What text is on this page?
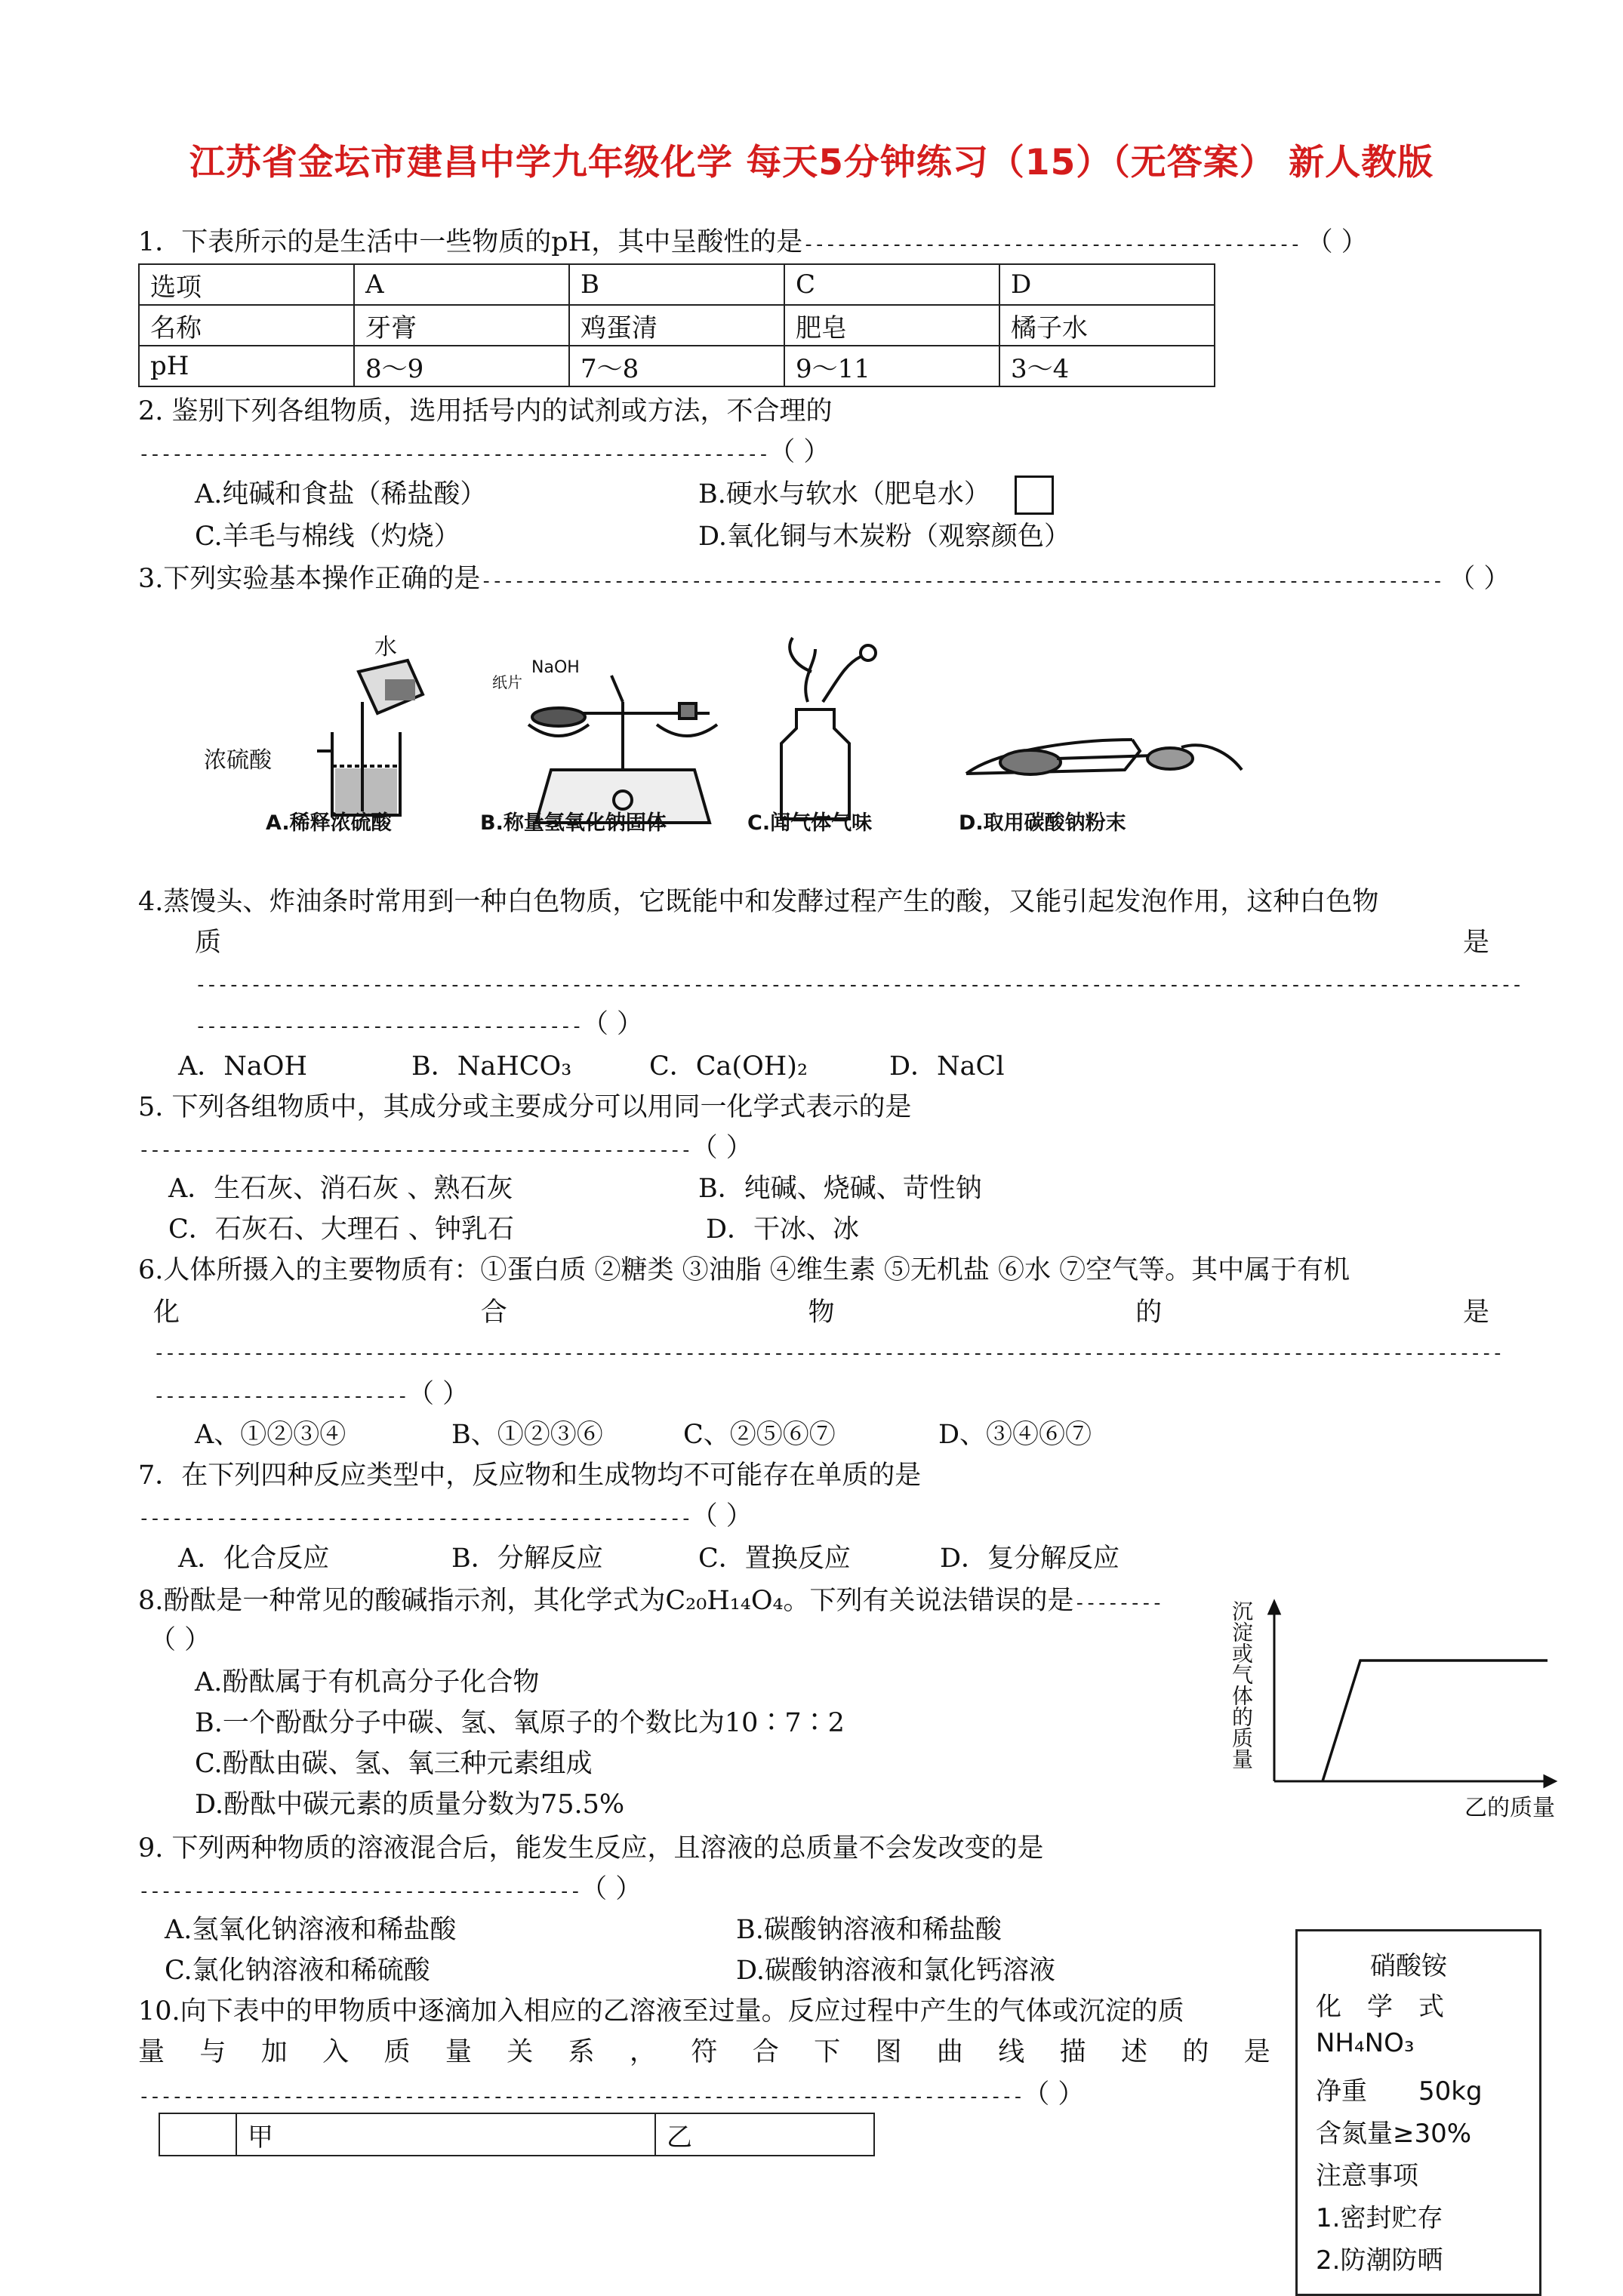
江苏省金坛市建昌中学九年级化学 每天5分钟练习（15）（无答案） 新人教版
1．下表所示的是生活中一些物质的pH，其中呈酸性的是--------------------------------------------- （ ）
选项	A	B	C	D
名称	牙膏	鸡蛋清	肥皂	橘子水
pH	8～9	7～8	9～11	3～4
2. 鉴别下列各组物质，选用括号内的试剂或方法，不合理的
---------------------------------------------------------（ ）
A.纯碱和食盐（稀盐酸）	B.硬水与软水（肥皂水）
C.羊毛与棉线（灼烧）	D.氧化铜与木炭粉（观察颜色）
3.下列实验基本操作正确的是--------------------------------------------------------------------------------------- （ ）
水
浓硫酸
NaOH
纸片
A.稀释浓硫酸	B.称量氢氧化钠固体	C.闻气体气味	D.取用碳酸钠粉末
4.蒸馒头、炸油条时常用到一种白色物质，它既能中和发酵过程产生的酸，又能引起发泡作用，这种白色物
质	是
------------------------------------------------------------------------------------------------------------------------
-----------------------------------（ ）
A．NaOH	B．NaHCO₃	C．Ca(OH)₂	D．NaCl
5. 下列各组物质中，其成分或主要成分可以用同一化学式表示的是
--------------------------------------------------（ ）
A．生石灰、消石灰 、熟石灰	B．纯碱、烧碱、苛性钠
C．石灰石、大理石 、钟乳石	D．干冰、冰
6.人体所摄入的主要物质有：①蛋白质 ②糖类 ③油脂 ④维生素 ⑤无机盐 ⑥水 ⑦空气等。其中属于有机
化	合	物	的	是
--------------------------------------------------------------------------------------------------------------------------
-----------------------（ ）
A、①②③④	B、①②③⑥	C、②⑤⑥⑦	D、③④⑥⑦
7．在下列四种反应类型中，反应物和生成物均不可能存在单质的是
--------------------------------------------------（ ）
A．化合反应	B．分解反应	C．置换反应	D．复分解反应
8.酚酞是一种常见的酸碱指示剂，其化学式为C₂₀H₁₄O₄。下列有关说法错误的是--------
（ ）
A.酚酞属于有机高分子化合物
B.一个酚酞分子中碳、氢、氧原子的个数比为10∶7∶2
C.酚酞由碳、氢、氧三种元素组成
D.酚酞中碳元素的质量分数为75.5%
沉淀或气体的质量
乙的质量
9. 下列两种物质的溶液混合后，能发生反应，且溶液的总质量不会发改变的是
----------------------------------------（ ）
A.氢氧化钠溶液和稀盐酸	B.碳酸钠溶液和稀盐酸
C.氯化钠溶液和稀硫酸	D.碳酸钠溶液和氯化钙溶液
10.向下表中的甲物质中逐滴加入相应的乙溶液至过量。反应过程中产生的气体或沉淀的质
量 与 加 入 质 量 关 系 ， 符 合 下 图 曲 线 描 述 的 是
--------------------------------------------------------------------------------（ ）
	甲	乙
硝酸铵
化　学　式
NH₄NO₃
净重　　50kg
含氮量≥30%
注意事项
1.密封贮存
2.防潮防晒
